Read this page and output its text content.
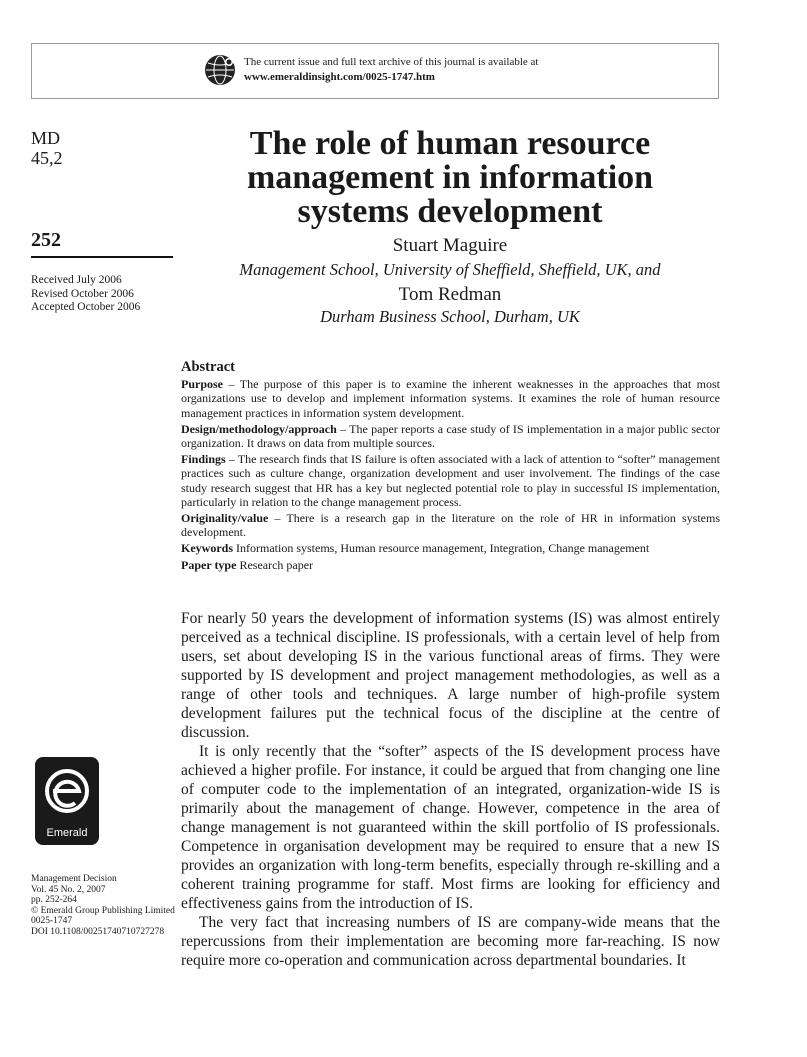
The current issue and full text archive of this journal is available at
www.emeraldinsight.com/0025-1747.htm
MD
45,2
252
Received July 2006
Revised October 2006
Accepted October 2006
The role of human resource
management in information
systems development
Stuart Maguire
Management School, University of Sheffield, Sheffield, UK, and
Tom Redman
Durham Business School, Durham, UK
Abstract

Purpose – The purpose of this paper is to examine the inherent weaknesses in the approaches that most organizations use to develop and implement information systems. It examines the role of human resource management practices in information system development.

Design/methodology/approach – The paper reports a case study of IS implementation in a major public sector organization. It draws on data from multiple sources.

Findings – The research finds that IS failure is often associated with a lack of attention to “softer” management practices such as culture change, organization development and user involvement. The findings of the case study research suggest that HR has a key but neglected potential role to play in successful IS implementation, particularly in relation to the change management process.

Originality/value – There is a research gap in the literature on the role of HR in information systems development.

Keywords Information systems, Human resource management, Integration, Change management

Paper type Research paper

For nearly 50 years the development of information systems (IS) was almost entirely perceived as a technical discipline. IS professionals, with a certain level of help from users, set about developing IS in the various functional areas of firms. They were supported by IS development and project management methodologies, as well as a range of other tools and techniques. A large number of high-profile system development failures put the technical focus of the discipline at the centre of discussion.

It is only recently that the “softer” aspects of the IS development process have achieved a higher profile. For instance, it could be argued that from changing one line of computer code to the implementation of an integrated, organization-wide IS is primarily about the management of change. However, competence in the area of change management is not guaranteed within the skill portfolio of IS professionals. Competence in organisation development may be required to ensure that a new IS provides an organization with long-term benefits, especially through re-skilling and a coherent training programme for staff. Most firms are looking for efficiency and effectiveness gains from the introduction of IS.

The very fact that increasing numbers of IS are company-wide means that the repercussions from their implementation are becoming more far-reaching. IS now require more co-operation and communication across departmental boundaries. It

Emerald
Management Decision
Vol. 45 No. 2, 2007
pp. 252-264
© Emerald Group Publishing Limited
0025-1747
DOI 10.1108/00251740710727278
